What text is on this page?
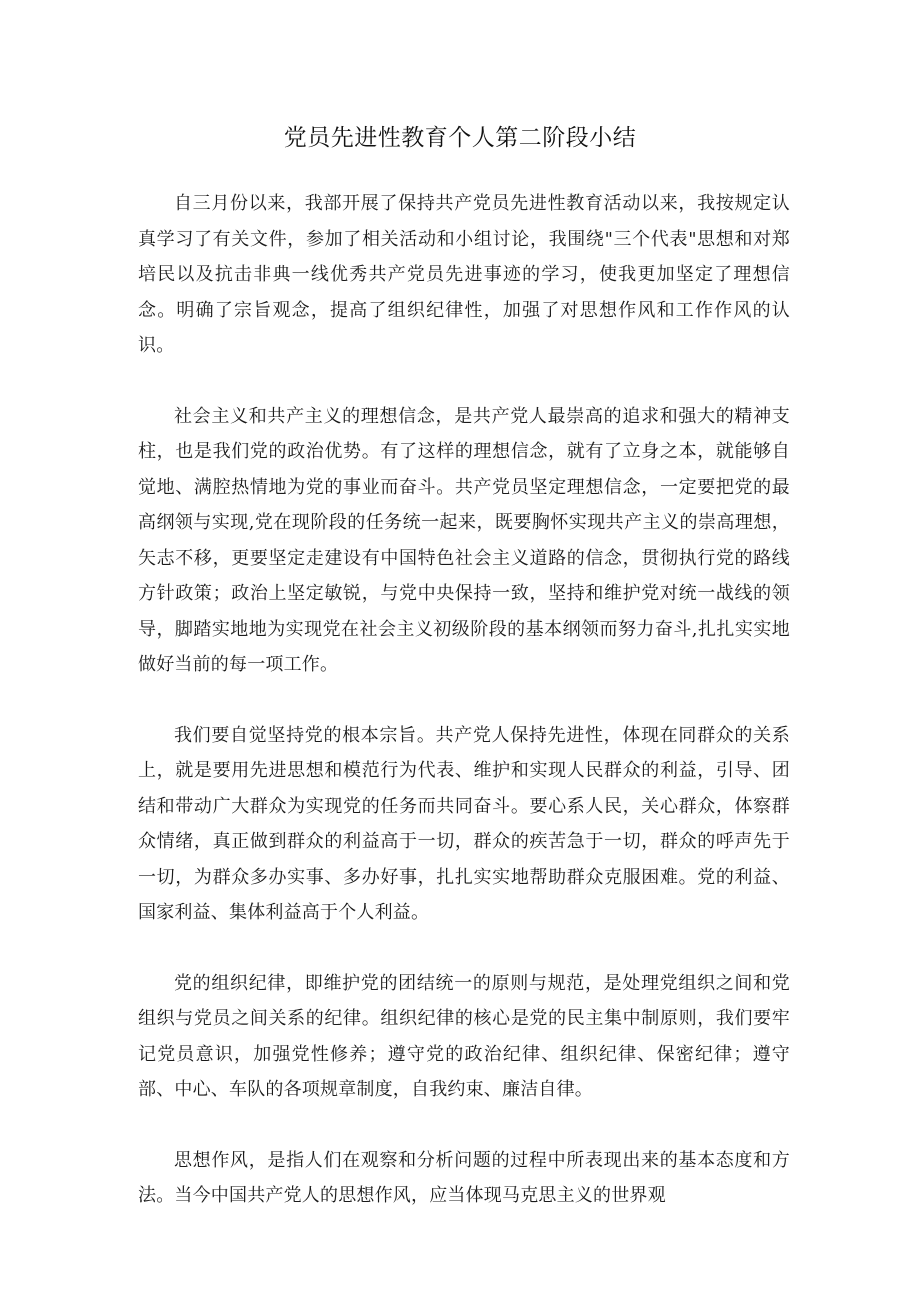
党员先进性教育个人第二阶段小结

自三月份以来，我部开展了保持共产党员先进性教育活动以来，我按规定认真学习了有关文件，参加了相关活动和小组讨论，我围绕"三个代表"思想和对郑培民以及抗击非典一线优秀共产党员先进事迹的学习，使我更加坚定了理想信念。明确了宗旨观念，提高了组织纪律性，加强了对思想作风和工作作风的认识。

社会主义和共产主义的理想信念，是共产党人最崇高的追求和强大的精神支柱，也是我们党的政治优势。有了这样的理想信念，就有了立身之本，就能够自觉地、满腔热情地为党的事业而奋斗。共产党员坚定理想信念，一定要把党的最高纲领与实现,党在现阶段的任务统一起来，既要胸怀实现共产主义的崇高理想，矢志不移，更要坚定走建设有中国特色社会主义道路的信念，贯彻执行党的路线方针政策；政治上坚定敏锐，与党中央保持一致，坚持和维护党对统一战线的领导，脚踏实地地为实现党在社会主义初级阶段的基本纲领而努力奋斗,扎扎实实地做好当前的每一项工作。

我们要自觉坚持党的根本宗旨。共产党人保持先进性，体现在同群众的关系上，就是要用先进思想和模范行为代表、维护和实现人民群众的利益，引导、团结和带动广大群众为实现党的任务而共同奋斗。要心系人民，关心群众，体察群众情绪，真正做到群众的利益高于一切，群众的疾苦急于一切，群众的呼声先于一切，为群众多办实事、多办好事，扎扎实实地帮助群众克服困难。党的利益、国家利益、集体利益高于个人利益。

党的组织纪律，即维护党的团结统一的原则与规范，是处理党组织之间和党组织与党员之间关系的纪律。组织纪律的核心是党的民主集中制原则，我们要牢记党员意识，加强党性修养；遵守党的政治纪律、组织纪律、保密纪律；遵守部、中心、车队的各项规章制度，自我约束、廉洁自律。

思想作风，是指人们在观察和分析问题的过程中所表现出来的基本态度和方法。当今中国共产党人的思想作风，应当体现马克思主义的世界观
